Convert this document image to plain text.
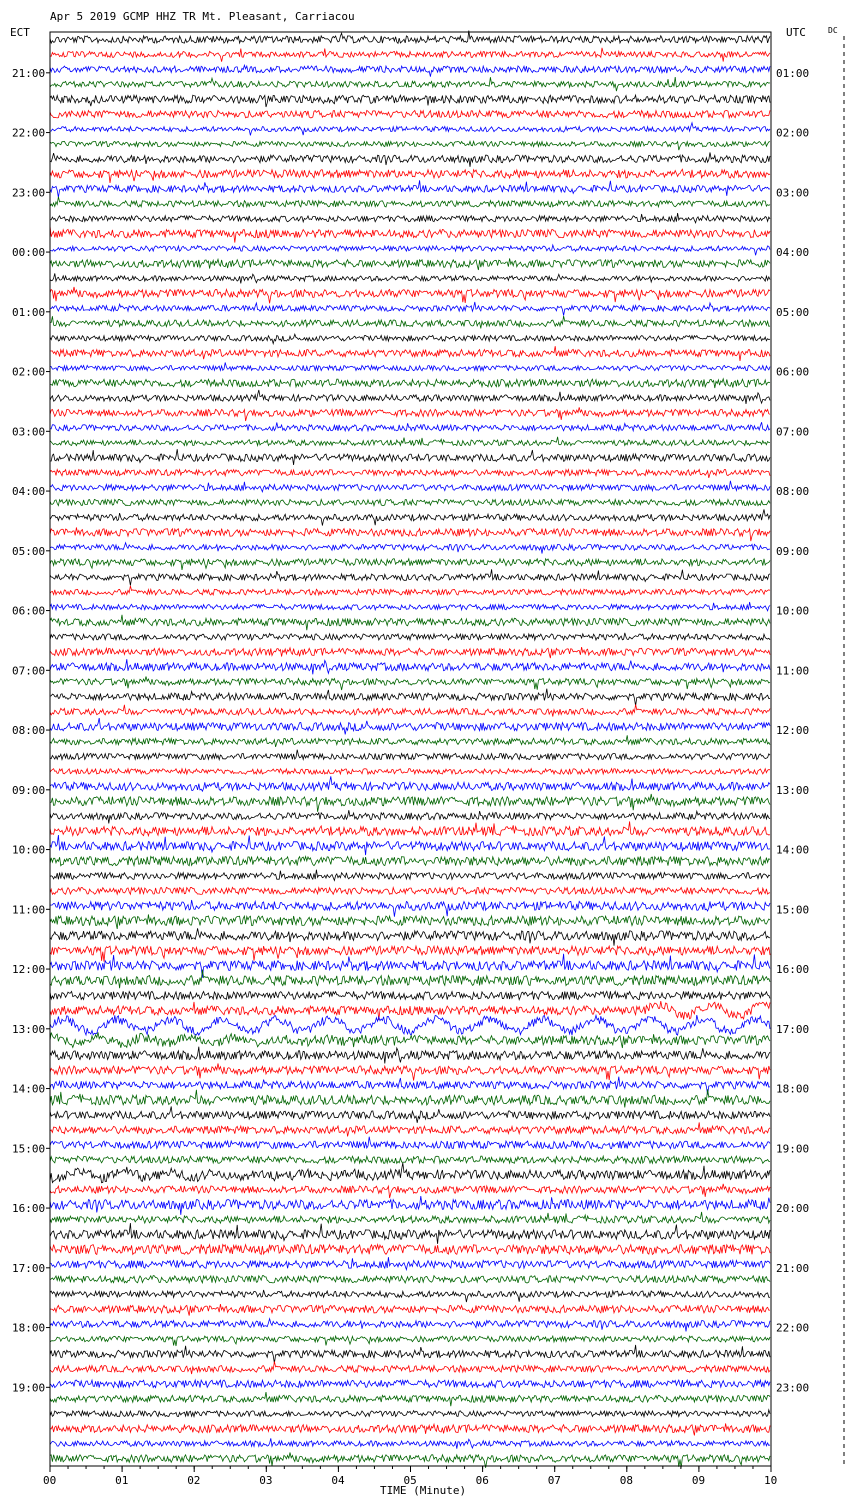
Apr 5 2019 GCMP HHZ TR Mt. Pleasant, Carriacou
ECT	UTC	DC
TIME (Minute)
21:00
22:00
23:00
00:00
01:00
02:00
03:00
04:00
05:00
06:00
07:00
08:00
09:00
10:00
11:00
12:00
13:00
14:00
15:00
16:00
17:00
18:00
19:00
01:00
02:00
03:00
04:00
05:00
06:00
07:00
08:00
09:00
10:00
11:00
12:00
13:00
14:00
15:00
16:00
17:00
18:00
19:00
20:00
21:00
22:00
23:00
00	01	02	03	04	05	06	07	08	09	10
